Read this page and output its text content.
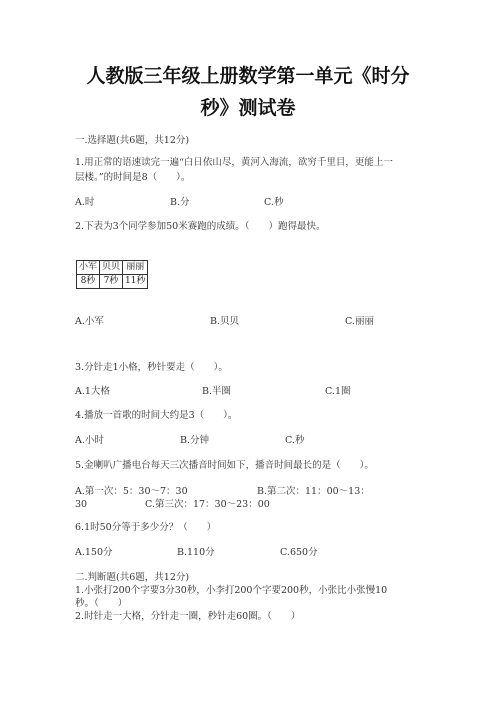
人教版三年级上册数学第一单元《时分
秒》测试卷
一.选择题(共6题，共12分)
1.用正常的语速读完一遍“白日依山尽，黄河入海流，欲穷千里目，更能上一
层楼。”的时间是8（　　）。
A.时	B.分	C.秒
2.下表为3个同学参加50米赛跑的成绩。（　　）跑得最快。
小军	贝贝	丽丽
8秒	7秒	11秒
A.小军	B.贝贝	C.丽丽
3.分针走1小格，秒针要走（　　）。
A.1大格	B.半圈	C.1圈
4.播放一首歌的时间大约是3（　　）。
A.小时	B.分钟	C.秒
5.金喇叭广播电台每天三次播音时间如下，播音时间最长的是（　　）。
A.第一次：5：30～7：30	B.第二次：11：00～13：
30	C.第三次：17：30～23：00
6.1时50分等于多少分？（　　）
A.150分	B.110分	C.650分
二.判断题(共6题，共12分)
1.小张打200个字要3分30秒，小李打200个字要200秒，小张比小张慢10
秒。（　　）
2.时针走一大格，分针走一圈，秒针走60圈。（　　）
